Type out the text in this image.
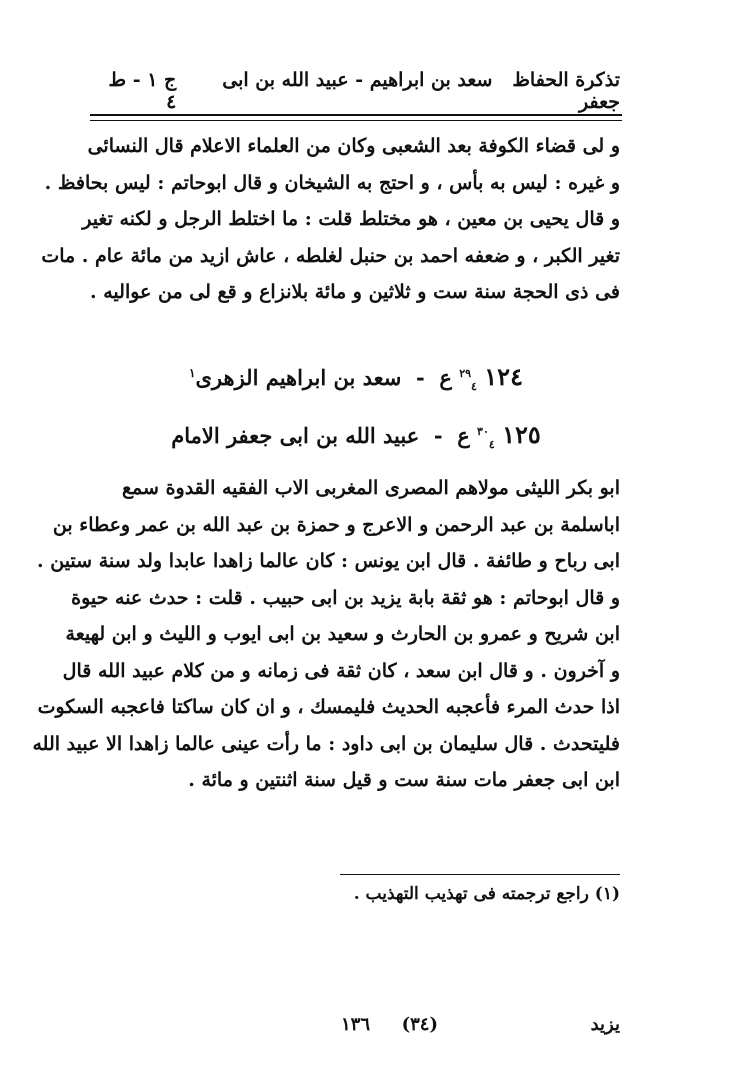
تذكرة الحفاظ   سعد بن ابراهيم - عبيد الله بن ابى جعفر
ج ١ - ط ٤
و لى قضاء الكوفة بعد الشعبى وكان من العلماء الاعلام قال النسائى
و غيره : ليس به بأس ، و احتج به الشيخان و قال ابوحاتم : ليس بحافظ .
و قال يحيى بن معين ، هو مختلط قلت : ما اختلط الرجل و لكنه تغير
تغير الكبر ، و ضعفه احمد بن حنبل لغلطه ، عاش ازيد من مائة عام . مات
فى ذى الحجة سنة ست و ثلاثين و مائة بلانزاع و قع لى من عواليه .
١٢٤ $^{٢٩}_٤$ ع  -  سعد بن ابراهيم الزهرى$^١$
١٢٥ $^{٣٠}_٤$ ع  -  عبيد الله بن ابى جعفر الامام
ابو بكر الليثى مولاهم المصرى المغربى الاب الفقيه القدوة سمع
اباسلمة بن عبد الرحمن و الاعرج و حمزة بن عبد الله بن عمر وعطاء بن
ابى رباح و طائفة . قال ابن يونس : كان عالما زاهدا عابدا ولد سنة ستين .
و قال ابوحاتم : هو ثقة بابة يزيد بن ابى حبيب . قلت : حدث عنه حيوة
ابن شريح و عمرو بن الحارث و سعيد بن ابى ايوب و الليث و ابن لهيعة
و آخرون . و قال ابن سعد ، كان ثقة فى زمانه و من كلام عبيد الله قال
اذا حدث المرء فأعجبه الحديث فليمسك ، و ان كان ساكتا فاعجبه السكوت
فليتحدث . قال سليمان بن ابى داود : ما رأت عينى عالما زاهدا الا عبيد الله
ابن ابى جعفر مات سنة ست و قيل سنة اثنتين و مائة .
(١) راجع ترجمته فى تهذيب التهذيب .
١٣٦ (٣٤)	يزيد
